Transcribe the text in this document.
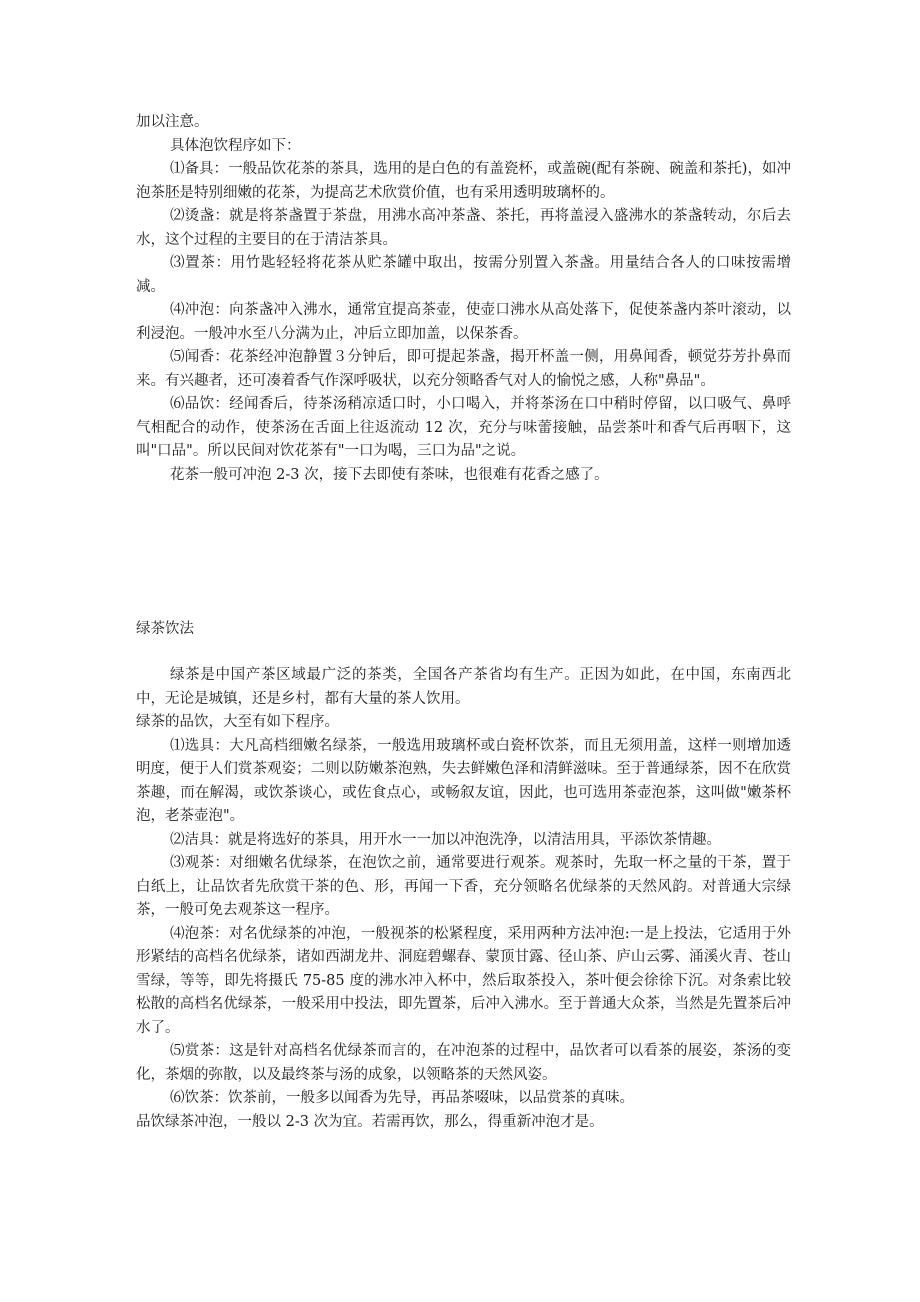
加以注意。

具体泡饮程序如下：

⑴备具：一般品饮花茶的茶具，选用的是白色的有盖瓷杯，或盖碗(配有茶碗、碗盖和茶托)，如冲泡茶胚是特别细嫩的花茶，为提高艺术欣赏价值，也有采用透明玻璃杯的。

⑵烫盏：就是将茶盏置于茶盘，用沸水高冲茶盏、茶托，再将盖浸入盛沸水的茶盏转动，尔后去水，这个过程的主要目的在于清洁茶具。

⑶置茶：用竹匙轻轻将花茶从贮茶罐中取出，按需分别置入茶盏。用量结合各人的口味按需增减。

⑷冲泡：向茶盏冲入沸水，通常宜提高茶壶，使壶口沸水从高处落下，促使茶盏内茶叶滚动，以利浸泡。一般冲水至八分满为止，冲后立即加盖，以保茶香。

⑸闻香：花茶经冲泡静置３分钟后，即可提起茶盏，揭开杯盖一侧，用鼻闻香，顿觉芬芳扑鼻而来。有兴趣者，还可凑着香气作深呼吸状，以充分领略香气对人的愉悦之感，人称"鼻品"。

⑹品饮：经闻香后，待茶汤稍凉适口时，小口喝入，并将茶汤在口中稍时停留，以口吸气、鼻呼气相配合的动作，使茶汤在舌面上往返流动 12 次，充分与味蕾接触，品尝茶叶和香气后再咽下，这叫"口品"。所以民间对饮花茶有"一口为喝，三口为品"之说。

花茶一般可冲泡 2-3 次，接下去即使有茶味，也很难有花香之感了。

绿茶饮法

绿茶是中国产茶区域最广泛的茶类，全国各产茶省均有生产。正因为如此，在中国，东南西北中，无论是城镇，还是乡村，都有大量的茶人饮用。

绿茶的品饮，大至有如下程序。

⑴选具：大凡高档细嫩名绿茶，一般选用玻璃杯或白瓷杯饮茶，而且无须用盖，这样一则增加透明度，便于人们赏茶观姿；二则以防嫩茶泡熟，失去鲜嫩色泽和清鲜滋味。至于普通绿茶，因不在欣赏茶趣，而在解渴，或饮茶谈心，或佐食点心，或畅叙友谊，因此，也可选用茶壶泡茶，这叫做"嫩茶杯泡，老茶壶泡"。

⑵洁具：就是将选好的茶具，用开水一一加以冲泡洗净，以清洁用具，平添饮茶情趣。

⑶观茶：对细嫩名优绿茶，在泡饮之前，通常要进行观茶。观茶时，先取一杯之量的干茶，置于白纸上，让品饮者先欣赏干茶的色、形，再闻一下香，充分领略名优绿茶的天然风韵。对普通大宗绿茶，一般可免去观茶这一程序。

⑷泡茶：对名优绿茶的冲泡，一般视茶的松紧程度，采用两种方法冲泡:一是上投法，它适用于外形紧结的高档名优绿茶，诸如西湖龙井、洞庭碧螺春、蒙顶甘露、径山茶、庐山云雾、涌溪火青、苍山雪绿，等等，即先将摄氏 75-85 度的沸水冲入杯中，然后取茶投入，茶叶便会徐徐下沉。对条索比较松散的高档名优绿茶，一般采用中投法，即先置茶，后冲入沸水。至于普通大众茶，当然是先置茶后冲水了。

⑸赏茶：这是针对高档名优绿茶而言的，在冲泡茶的过程中，品饮者可以看茶的展姿，茶汤的变化，茶烟的弥散，以及最终茶与汤的成象，以领略茶的天然风姿。

⑹饮茶：饮茶前，一般多以闻香为先导，再品茶啜味，以品赏茶的真味。

品饮绿茶冲泡，一般以 2-3 次为宜。若需再饮，那么，得重新冲泡才是。
